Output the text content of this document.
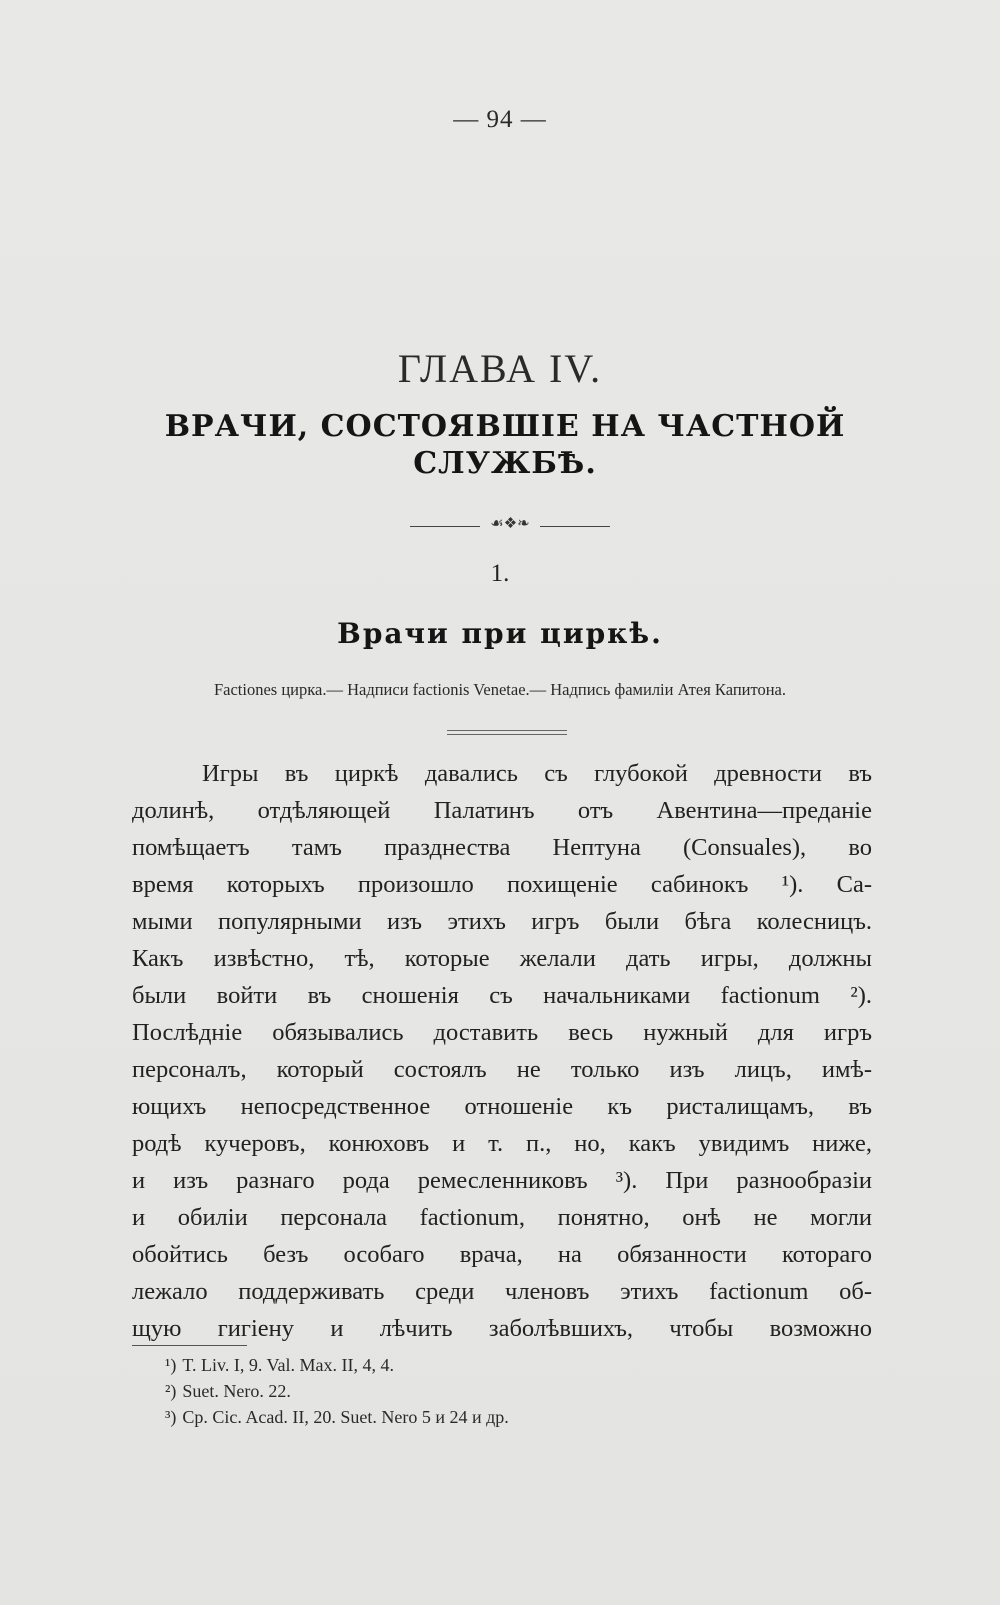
— 94 —
ГЛАВА IV.
ВРАЧИ, СОСТОЯВШІЕ НА ЧАСТНОЙ
СЛУЖБѢ.
☙❖❧
1.
Врачи при циркѣ.
Factiones цирка.— Надписи factionis Venetae.— Надпись фамиліи Атея Капитона.
Игры въ циркѣ давались съ глубокой древности въ
долинѣ, отдѣляющей Палатинъ отъ Авентина—преданіе
помѣщаетъ тамъ празднества Нептуна (Consuales), во
время которыхъ произошло похищеніе сабинокъ ¹). Са-
мыми популярными изъ этихъ игръ были бѣга колесницъ.
Какъ извѣстно, тѣ, которые желали дать игры, должны
были войти въ сношенія съ начальниками factionum ²).
Послѣдніе обязывались доставить весь нужный для игръ
персоналъ, который состоялъ не только изъ лицъ, имѣ-
ющихъ непосредственное отношеніе къ ристалищамъ, въ
родѣ кучеровъ, конюховъ и т. п., но, какъ увидимъ ниже,
и изъ разнаго рода ремесленниковъ ³). При разнообразіи
и обиліи персонала factionum, понятно, онѣ не могли
обойтись безъ особаго врача, на обязанности котораго
лежало поддерживать среди членовъ этихъ factionum об-
щую гигіену и лѣчить заболѣвшихъ, чтобы возможно
¹) T. Liv. I, 9. Val. Max. II, 4, 4.
²) Suet. Nero. 22.
³) Cp. Cic. Acad. II, 20. Suet. Nero 5 и 24 и др.
